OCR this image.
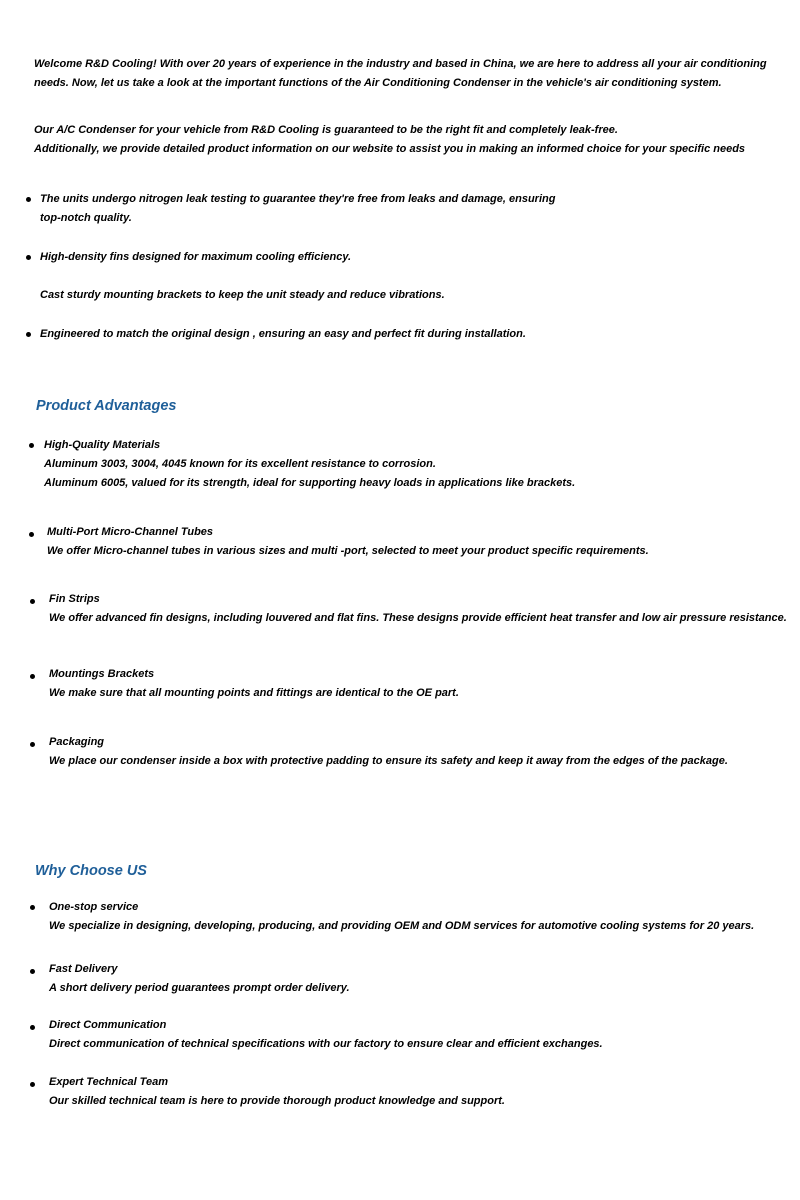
Welcome R&D Cooling! With over 20 years of experience in the industry and based in China, we are here to address all your air conditioning
needs. Now, let us take a look at the important functions of the Air Conditioning Condenser in the vehicle's air conditioning system.
Our A/C Condenser for your vehicle from R&D Cooling is guaranteed to be the right fit and completely leak-free.
Additionally, we provide detailed product information on our website to assist you in making an informed choice for your specific needs
The units undergo nitrogen leak testing to guarantee they're free from leaks and damage, ensuring
top-notch quality.
High-density fins designed for maximum cooling efficiency.
Cast sturdy mounting brackets to keep the unit steady and reduce vibrations.
Engineered to match the original design , ensuring an easy and perfect fit during installation.
Product Advantages
High-Quality Materials
Aluminum 3003, 3004, 4045 known for its excellent resistance to corrosion.
Aluminum 6005, valued for its strength, ideal for supporting heavy loads in applications like brackets.
Multi-Port Micro-Channel Tubes
We offer Micro-channel tubes in various sizes and multi -port, selected to meet your product specific requirements.
Fin Strips
We offer advanced fin designs, including louvered and flat fins. These designs provide efficient heat transfer and low air pressure resistance.
Mountings Brackets
We make sure that all mounting points and fittings are identical to the OE part.
Packaging
We place our condenser inside a box with protective padding to ensure its safety and keep it away from the edges of the package.
Why Choose US
One-stop service
We specialize in designing, developing, producing, and providing OEM and ODM services for automotive cooling systems for 20 years.
Fast Delivery
A short delivery period guarantees prompt order delivery.
Direct Communication
Direct communication of technical specifications with our factory to ensure clear and efficient exchanges.
Expert Technical Team
Our skilled technical team is here to provide thorough product knowledge and support.
